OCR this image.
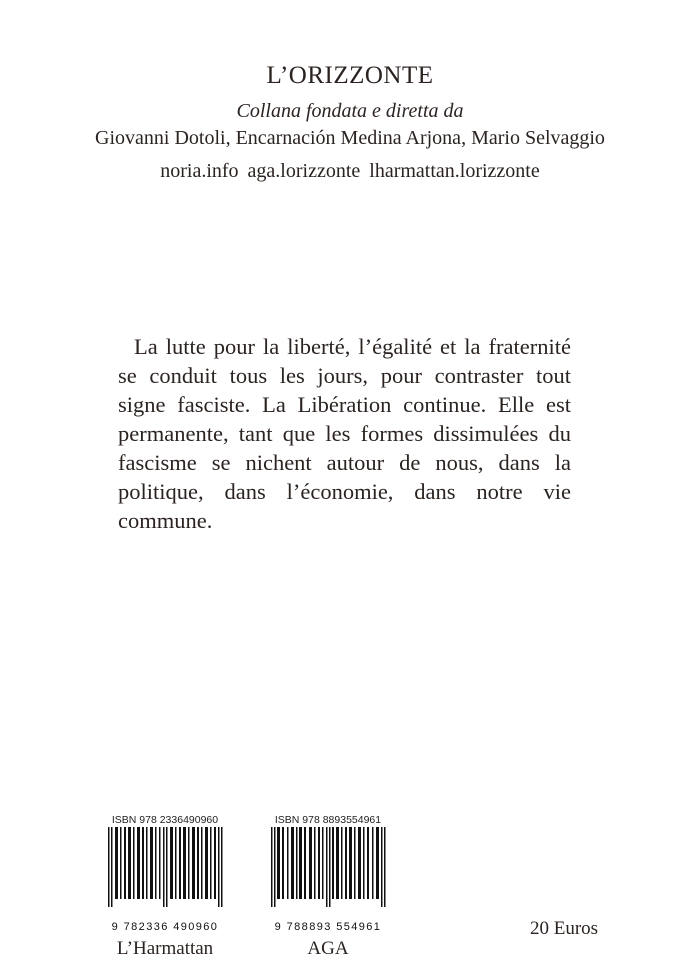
L’ORIZZONTE
Collana fondata e diretta da
Giovanni Dotoli, Encarnación Medina Arjona, Mario Selvaggio
noria.info aga.lorizzonte lharmattan.lorizzonte

La lutte pour la liberté, l’égalité et la fraternité se conduit tous les jours, pour contraster tout signe fasciste. La Libération continue. Elle est permanente, tant que les formes dissimulées du fascisme se nichent autour de nous, dans la politique, dans l’économie, dans notre vie commune.

ISBN 978 2336490960
9 782336 490960
L’Harmattan
ISBN 978 8893554961
9 788893 554961
AGA
20 Euros
